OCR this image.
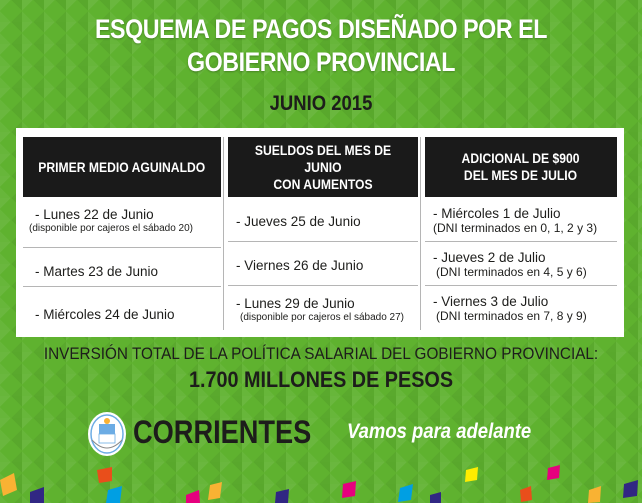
ESQUEMA DE PAGOS DISEÑADO POR EL
GOBIERNO PROVINCIAL
JUNIO 2015
PRIMER MEDIO AGUINALDO
- Lunes 22 de Junio
(disponible por cajeros el sábado 20)
- Martes 23 de Junio
- Miércoles 24 de Junio
SUELDOS DEL MES DE JUNIO
CON AUMENTOS
- Jueves 25 de Junio
- Viernes 26 de Junio
- Lunes 29 de Junio
(disponible por cajeros el sábado 27)
ADICIONAL DE $900
DEL MES DE JULIO
- Miércoles 1 de Julio
(DNI terminados en 0, 1, 2 y 3)
- Jueves 2 de Julio
(DNI terminados en 4, 5 y 6)
- Viernes 3 de Julio
(DNI terminados en 7, 8 y 9)
INVERSIÓN TOTAL DE LA POLÍTICA SALARIAL DEL GOBIERNO PROVINCIAL:
1.700 MILLONES DE PESOS
CORRIENTES Vamos para adelante
